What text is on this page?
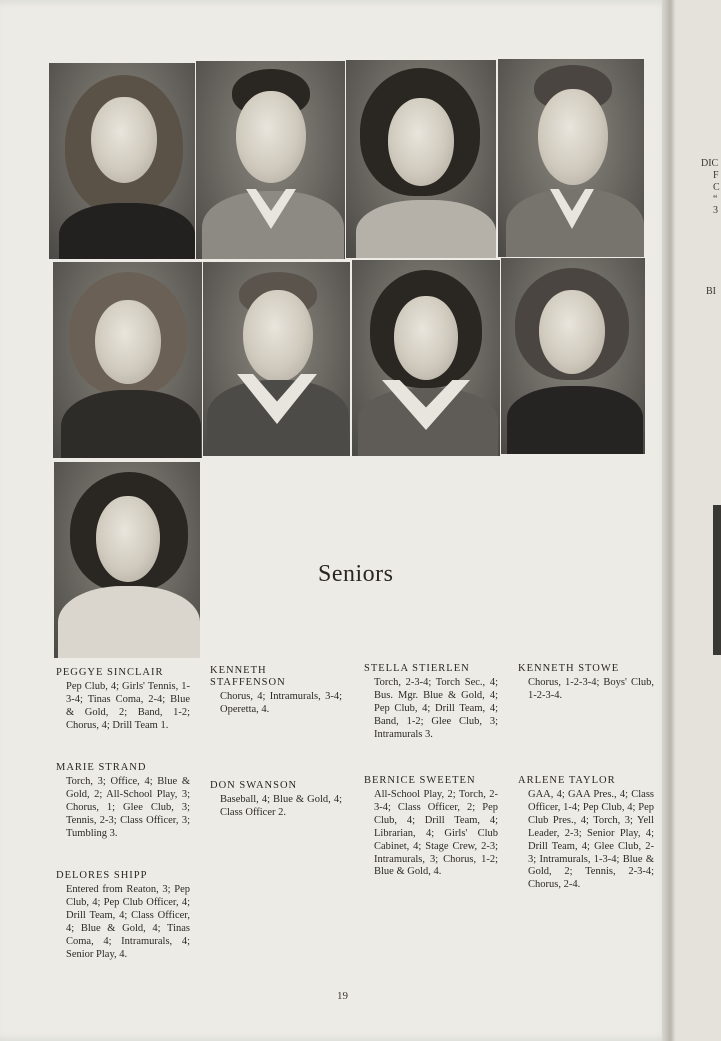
Seniors

PEGGYE SINCLAIR

Pep Club, 4; Girls' Tennis, 1-3-4; Tinas Coma, 2-4; Blue & Gold, 2; Band, 1-2; Chorus, 4; Drill Team 1.

MARIE STRAND

Torch, 3; Office, 4; Blue & Gold, 2; All-School Play, 3; Chorus, 1; Glee Club, 3; Tennis, 2-3; Class Officer, 3; Tumbling 3.

DELORES SHIPP

Entered from Reaton, 3; Pep Club, 4; Pep Club Officer, 4; Drill Team, 4; Class Officer, 4; Blue & Gold, 4; Tinas Coma, 4; Intramurals, 4; Senior Play, 4.

KENNETH STAFFENSON

Chorus, 4; Intramurals, 3-4; Operetta, 4.

DON SWANSON

Baseball, 4; Blue & Gold, 4; Class Officer 2.

STELLA STIERLEN

Torch, 2-3-4; Torch Sec., 4; Bus. Mgr. Blue & Gold, 4; Pep Club, 4; Drill Team, 4; Band, 1-2; Glee Club, 3; Intramurals 3.

BERNICE SWEETEN

All-School Play, 2; Torch, 2-3-4; Class Officer, 2; Pep Club, 4; Drill Team, 4; Librarian, 4; Girls' Club Cabinet, 4; Stage Crew, 2-3; Intramurals, 3; Chorus, 1-2; Blue & Gold, 4.

KENNETH STOWE

Chorus, 1-2-3-4; Boys' Club, 1-2-3-4.

ARLENE TAYLOR

GAA, 4; GAA Pres., 4; Class Officer, 1-4; Pep Club, 4; Pep Club Pres., 4; Torch, 3; Yell Leader, 2-3; Senior Play, 4; Drill Team, 4; Glee Club, 2-3; Intramurals, 1-3-4; Blue & Gold, 2; Tennis, 2-3-4; Chorus, 2-4.

19
DIC
F
C
“
3
BI
